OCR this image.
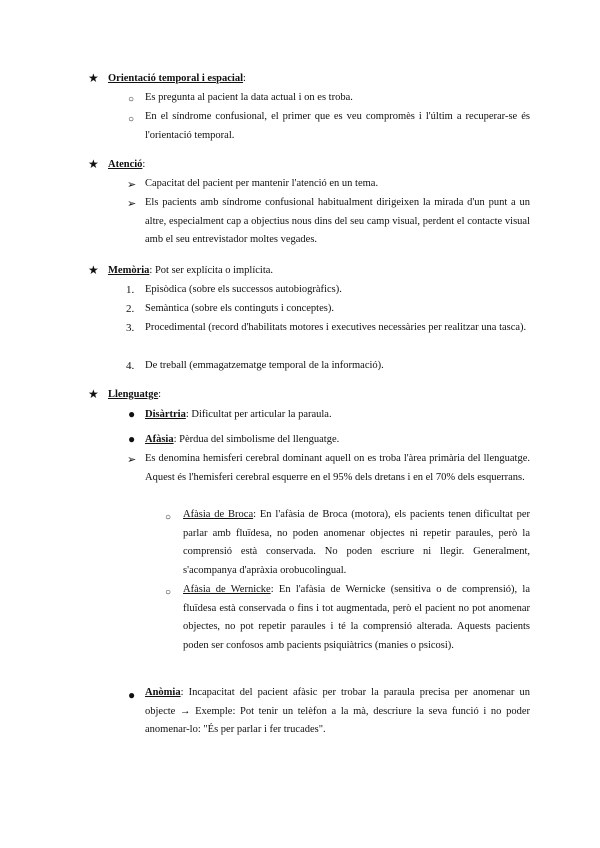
★ Orientació temporal i espacial:
○ Es pregunta al pacient la data actual i on es troba.
○ En el síndrome confusional, el primer que es veu compromès i l'últim a recuperar-se és l'orientació temporal.
★ Atenció:
➢ Capacitat del pacient per mantenir l'atenció en un tema.
➢ Els pacients amb síndrome confusional habitualment dirigeixen la mirada d'un punt a un altre, especialment cap a objectius nous dins del seu camp visual, perdent el contacte visual amb el seu entrevistador moltes vegades.
★ Memòria: Pot ser explícita o implícita.
1. Episòdica (sobre els successos autobiogràfics).
2. Semàntica (sobre els continguts i conceptes).
3. Procedimental (record d'habilitats motores i executives necessàries per realitzar una tasca).
4. De treball (emmagatzematge temporal de la informació).
★ Llenguatge:
● Disàrtria: Dificultat per articular la paraula.
● Afàsia: Pèrdua del simbolisme del llenguatge.
➢ Es denomina hemisferi cerebral dominant aquell on es troba l'àrea primària del llenguatge. Aquest és l'hemisferi cerebral esquerre en el 95% dels dretans i en el 70% dels esquerrans.
○ Afàsia de Broca: En l'afàsia de Broca (motora), els pacients tenen dificultat per parlar amb fluïdesa, no poden anomenar objectes ni repetir paraules, però la comprensió està conservada. No poden escriure ni llegir. Generalment, s'acompanya d'apràxia orobucolingual.
○ Afàsia de Wernicke: En l'afàsia de Wernicke (sensitiva o de comprensió), la fluïdesa està conservada o fins i tot augmentada, però el pacient no pot anomenar objectes, no pot repetir paraules i té la comprensió alterada. Aquests pacients poden ser confosos amb pacients psiquiàtrics (manies o psicosi).
● Anòmia: Incapacitat del pacient afàsic per trobar la paraula precisa per anomenar un objecte → Exemple: Pot tenir un telèfon a la mà, descriure la seva funció i no poder anomenar-lo: "És per parlar i fer trucades".
